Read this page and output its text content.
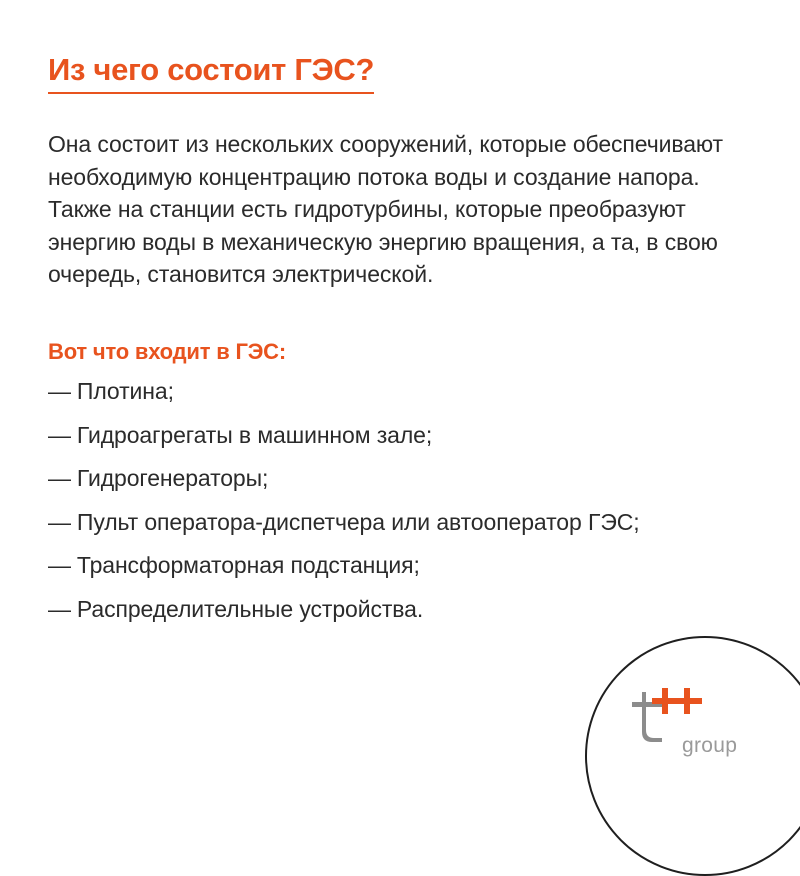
Из чего состоит ГЭС?

Она состоит из нескольких сооружений, которые обеспечивают необходимую концентрацию потока воды и создание напора. Также на станции есть гидротурбины, которые преобразуют энергию воды в механическую энергию вращения, а та, в свою очередь, становится электрической.

Вот что входит в ГЭС:
— Плотина;
— Гидроагрегаты в машинном зале;
— Гидрогенераторы;
— Пульт оператора-диспетчера или автооператор ГЭС;
— Трансформаторная подстанция;
— Распределительные устройства.
group
